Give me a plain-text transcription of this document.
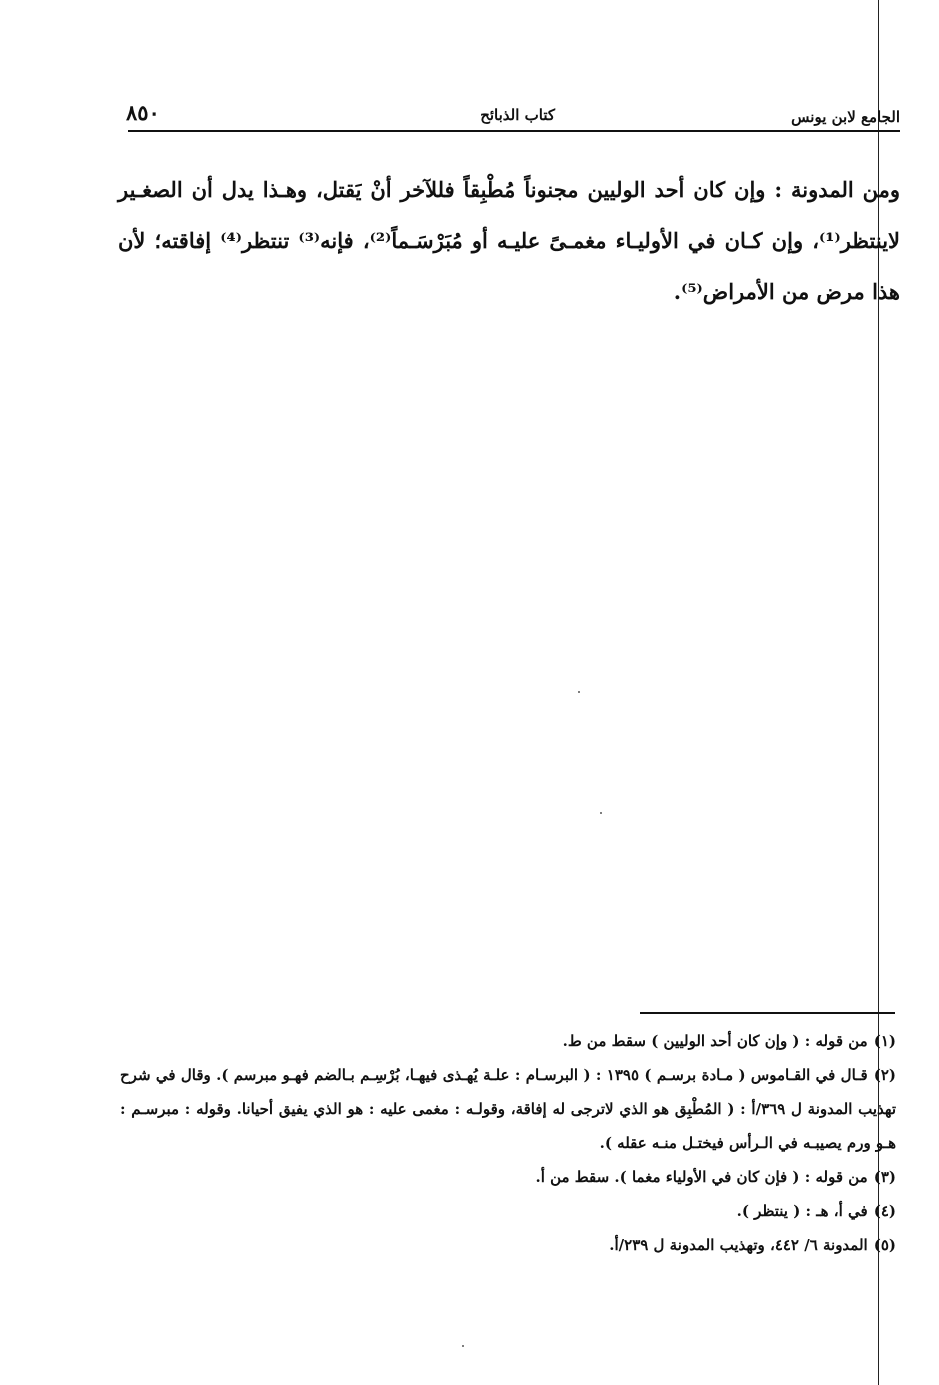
الجامع لابن يونس
كتاب الذبائح
٨٥٠
ومن المدونة : وإن كان أحد الوليين مجنوناً مُطْبِقاً فللآخر أنْ يَقتل، وهـذا يدل أن الصغـير لاينتظر⁽¹⁾، وإن كـان في الأوليـاء مغمـىً عليـه أو مُبَرْسَـماً⁽²⁾، فإنه⁽³⁾ تنتظر⁽⁴⁾ إفاقته؛ لأن هذا مرض من الأمراض⁽⁵⁾.

(١)من قوله : ( وإن كان أحد الوليين ) سقط من ط.

(٢)قـال في القـاموس ( مـادة برسـم ) ١٣٩٥ : ( البرسـام : علـة يُهـذى فيهـا، بُرْسِـم بـالضم فهـو مبرسم ). وقال في شرح تهذيب المدونة ل ٣٦٩/أ : ( المُطْبِق هو الذي لاترجى له إفاقة، وقولـه : مغمى عليه : هو الذي يفيق أحيانا. وقوله : مبرسـم : هـو ورم يصيبـه في الـرأس فيختـل منـه عقله ).

(٣)من قوله : ( فإن كان في الأولياء مغما ). سقط من أ.

(٤)في أ، هـ : ( ينتظر ).

(٥)المدونة ٦/ ٤٤٢، وتهذيب المدونة ل ٢٣٩/أ.
